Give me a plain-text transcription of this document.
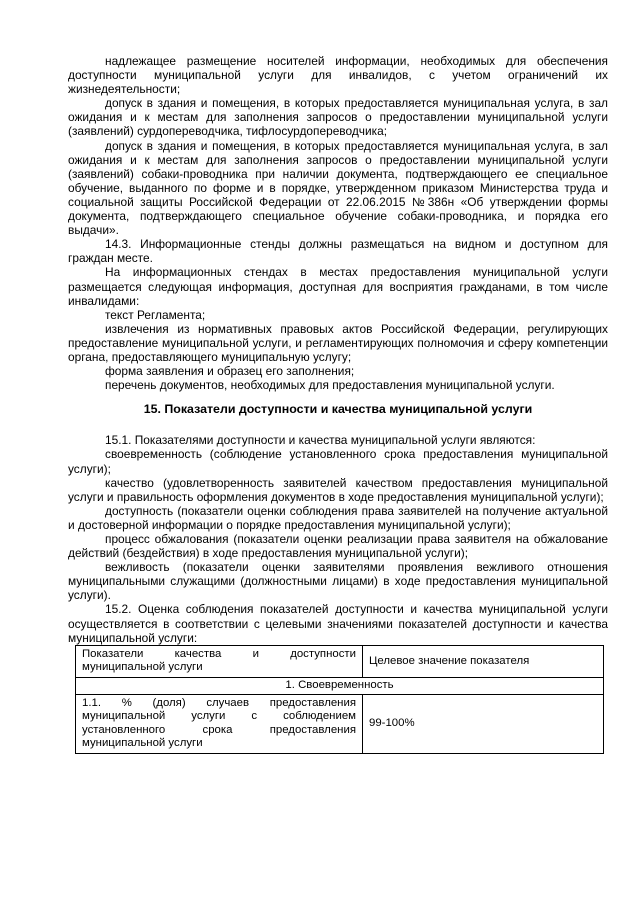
надлежащее размещение носителей информации, необходимых для обеспечения доступности муниципальной услуги для инвалидов, с учетом ограничений их жизнедеятельности;

допуск в здания и помещения, в которых предоставляется муниципальная услуга, в зал ожидания и к местам для заполнения запросов о предоставлении муниципальной услуги (заявлений) сурдопереводчика, тифлосурдопереводчика;

допуск в здания и помещения, в которых предоставляется муниципальная услуга, в зал ожидания и к местам для заполнения запросов о предоставлении муниципальной услуги (заявлений) собаки-проводника при наличии документа, подтверждающего ее специальное обучение, выданного по форме и в порядке, утвержденном приказом Министерства труда и социальной защиты Российской Федерации от 22.06.2015 №386н «Об утверждении формы документа, подтверждающего специальное обучение собаки-проводника, и порядка его выдачи».

14.3. Информационные стенды должны размещаться на видном и доступном для граждан месте.

На информационных стендах в местах предоставления муниципальной услуги размещается следующая информация, доступная для восприятия гражданами, в том числе инвалидами:

текст Регламента;

извлечения из нормативных правовых актов Российской Федерации, регулирующих предоставление муниципальной услуги, и регламентирующих полномочия и сферу компетенции органа, предоставляющего муниципальную услугу;

форма заявления и образец его заполнения;

перечень документов, необходимых для предоставления муниципальной услуги.

15. Показатели доступности и качества муниципальной услуги

15.1. Показателями доступности и качества муниципальной услуги являются:

своевременность (соблюдение установленного срока предоставления муниципальной услуги);

качество (удовлетворенность заявителей качеством предоставления муниципальной услуги и правильность оформления документов в ходе предоставления муниципальной услуги);

доступность (показатели оценки соблюдения права заявителей на получение актуальной и достоверной информации о порядке предоставления муниципальной услуги);

процесс обжалования (показатели оценки реализации права заявителя на обжалование действий (бездействия) в ходе предоставления муниципальной услуги);

вежливость (показатели оценки заявителями проявления вежливого отношения муниципальными служащими (должностными лицами) в ходе предоставления муниципальной услуги).

15.2. Оценка соблюдения показателей доступности и качества муниципальной услуги осуществляется в соответствии с целевыми значениями показателей доступности и качества муниципальной услуги:

Показатели качества и доступности муниципальной услуги	Целевое значение показателя
1. Своевременность	
1.1. % (доля) случаев предоставления муниципальной услуги с соблюдением установленного срока предоставления муниципальной услуги	99-100%
